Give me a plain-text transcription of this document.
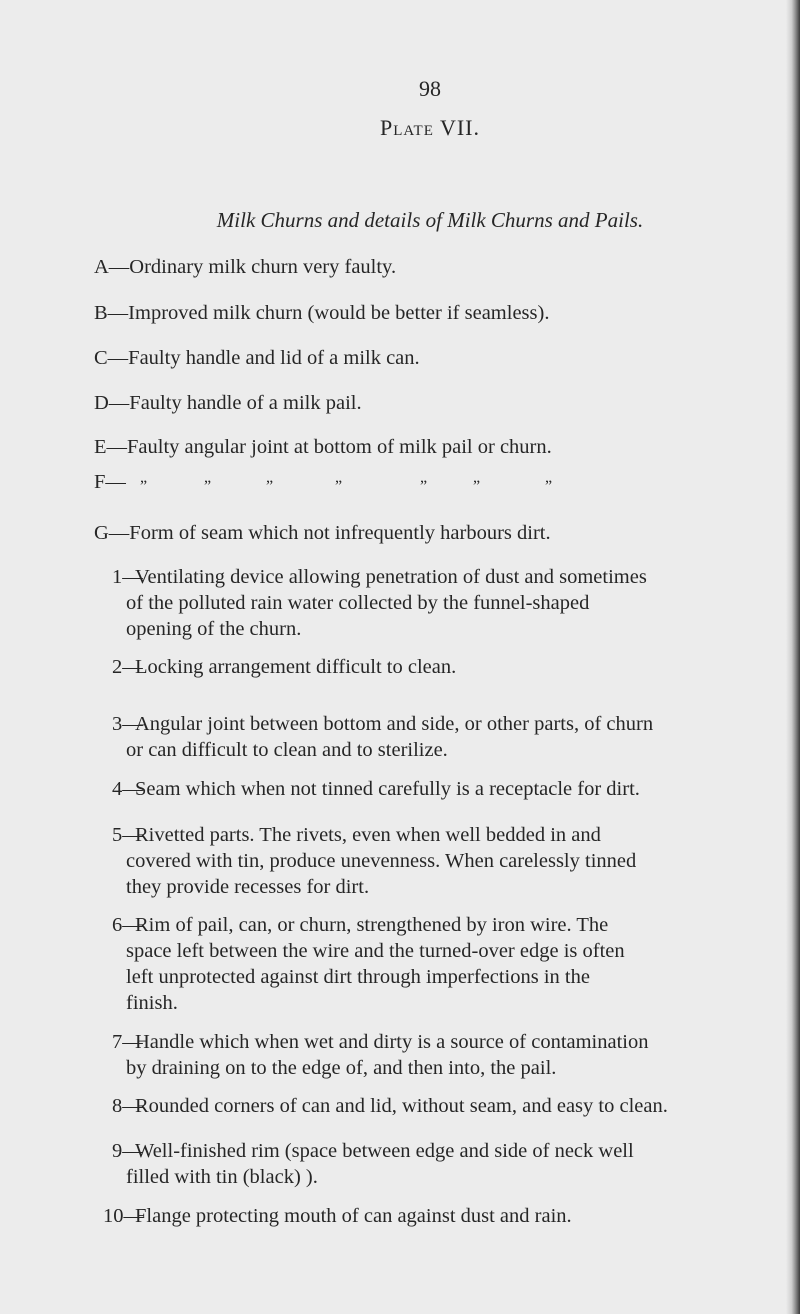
98
Plate VII.
Milk Churns and details of Milk Churns and Pails.
A—Ordinary milk churn very faulty.
B—Improved milk churn (would be better if seamless).
C—Faulty handle and lid of a milk can.
D—Faulty handle of a milk pail.
E—Faulty angular joint at bottom of milk pail or churn.
F— ”	”	”	”	”	”	”
G—Form of seam which not infrequently harbours dirt.
1—
Ventilating device allowing penetration of dust and sometimes
of the polluted rain water collected by the funnel-shaped
opening of the churn.
2—
Locking arrangement difficult to clean.
3—
Angular joint between bottom and side, or other parts, of churn
or can difficult to clean and to sterilize.
4—
Seam which when not tinned carefully is a receptacle for dirt.
5—
Rivetted parts. The rivets, even when well bedded in and
covered with tin, produce unevenness. When carelessly tinned
they provide recesses for dirt.
6—
Rim of pail, can, or churn, strengthened by iron wire. The
space left between the wire and the turned-over edge is often
left unprotected against dirt through imperfections in the
finish.
7—
Handle which when wet and dirty is a source of contamination
by draining on to the edge of, and then into, the pail.
8—
Rounded corners of can and lid, without seam, and easy to clean.
9—
Well-finished rim (space between edge and side of neck well
filled with tin (black) ).
10—
Flange protecting mouth of can against dust and rain.
